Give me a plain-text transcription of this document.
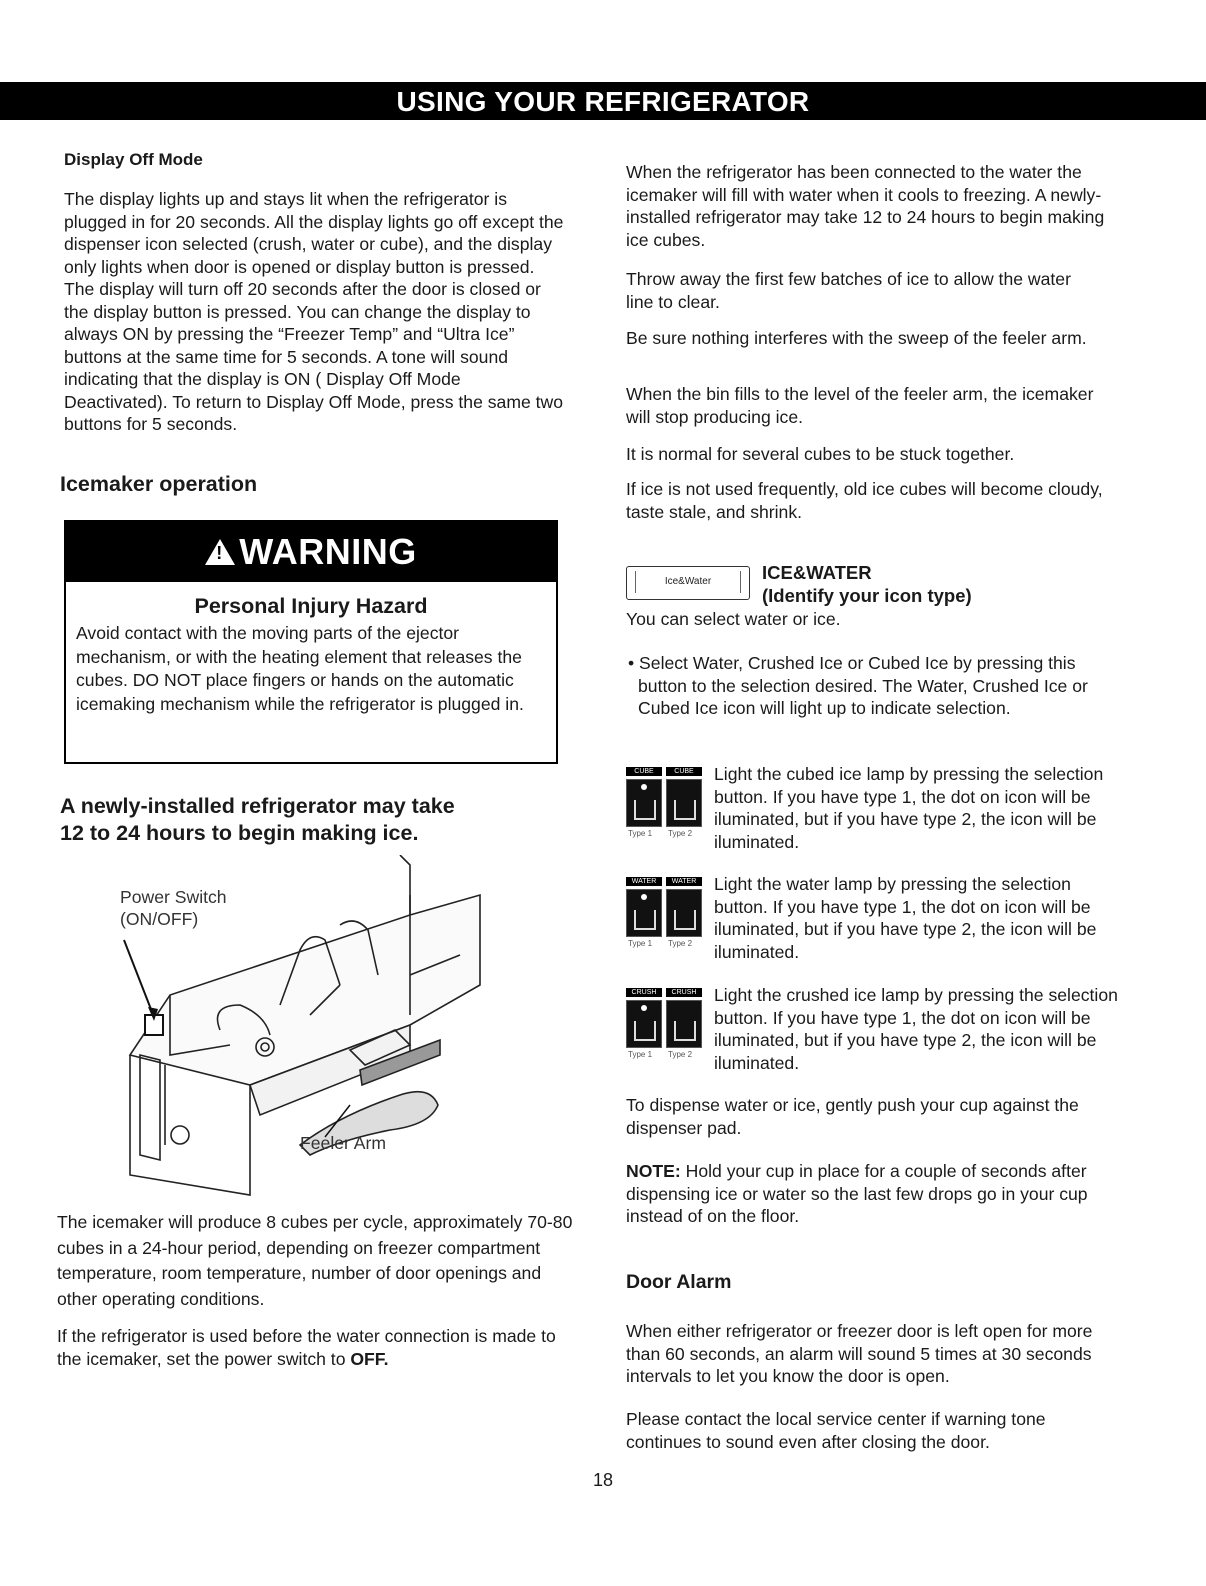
USING YOUR REFRIGERATOR
Display Off Mode

The display lights up and stays lit when the refrigerator is plugged in for 20 seconds. All the display lights go off except the dispenser icon selected (crush, water or cube), and the display only lights when door is opened or display button is pressed. The display will turn off 20 seconds after the door is closed or the display button is pressed. You can change the display to always ON by pressing the “Freezer Temp” and “Ultra Ice” buttons at the same time for 5 seconds. A tone will sound indicating that the display is ON ( Display Off Mode Deactivated). To return to Display Off Mode, press the same two buttons for 5 seconds.

Icemaker operation
!
WARNING
Personal Injury Hazard
Avoid contact with the moving parts of the ejector mechanism, or with the heating element that releases the cubes. DO NOT place fingers or hands on the automatic icemaking mechanism while the refrigerator is plugged in.
A newly-installed refrigerator may take
12 to 24 hours to begin making ice.
Power Switch
(ON/OFF)
Feeler Arm

The icemaker will produce 8 cubes per cycle, approximately 70-80 cubes in a 24-hour period, depending on freezer compartment temperature, room temperature, number of door openings and other operating conditions.

If the refrigerator is used before the water connection is made to the icemaker, set the power switch to OFF.

When the refrigerator has been connected to the water the icemaker will fill with water when it cools to freezing. A newly-installed refrigerator may take 12 to 24 hours to begin making ice cubes.

Throw away the first few batches of ice to allow the water line to clear.

Be sure nothing interferes with the sweep of the feeler arm.

When the bin fills to the level of the feeler arm, the icemaker will stop producing ice.

It is normal for several cubes to be stuck together.

If ice is not used frequently, old ice cubes will become cloudy, taste stale, and shrink.

Ice&Water	ICE&WATER
(Identify your icon type)

You can select water or ice.

• Select Water, Crushed Ice or Cubed Ice by pressing this button to the selection desired. The Water, Crushed Ice or Cubed Ice icon will light up to indicate selection.

CUBE	CUBE
Type 1 Type 2
Light the cubed ice lamp by pressing the selection button. If you have type 1, the dot on icon will be iluminated, but if you have type 2, the icon will be iluminated.
WATER	WATER
Type 1 Type 2
Light the water lamp by pressing the selection button. If you have type 1, the dot on icon will be iluminated, but if you have type 2, the icon will be iluminated.
CRUSH	CRUSH
Type 1 Type 2
Light the crushed ice lamp by pressing the selection button. If you have type 1, the dot on icon will be iluminated, but if you have type 2, the icon will be iluminated.

To dispense water or ice, gently push your cup against the dispenser pad.

NOTE: Hold your cup in place for a couple of seconds after dispensing ice or water so the last few drops go in your cup instead of on the floor.

Door Alarm

When either refrigerator or freezer door is left open for more than 60 seconds, an alarm will sound 5 times at 30 seconds intervals to let you know the door is open.

Please contact the local service center if warning tone continues to sound even after closing the door.

18
